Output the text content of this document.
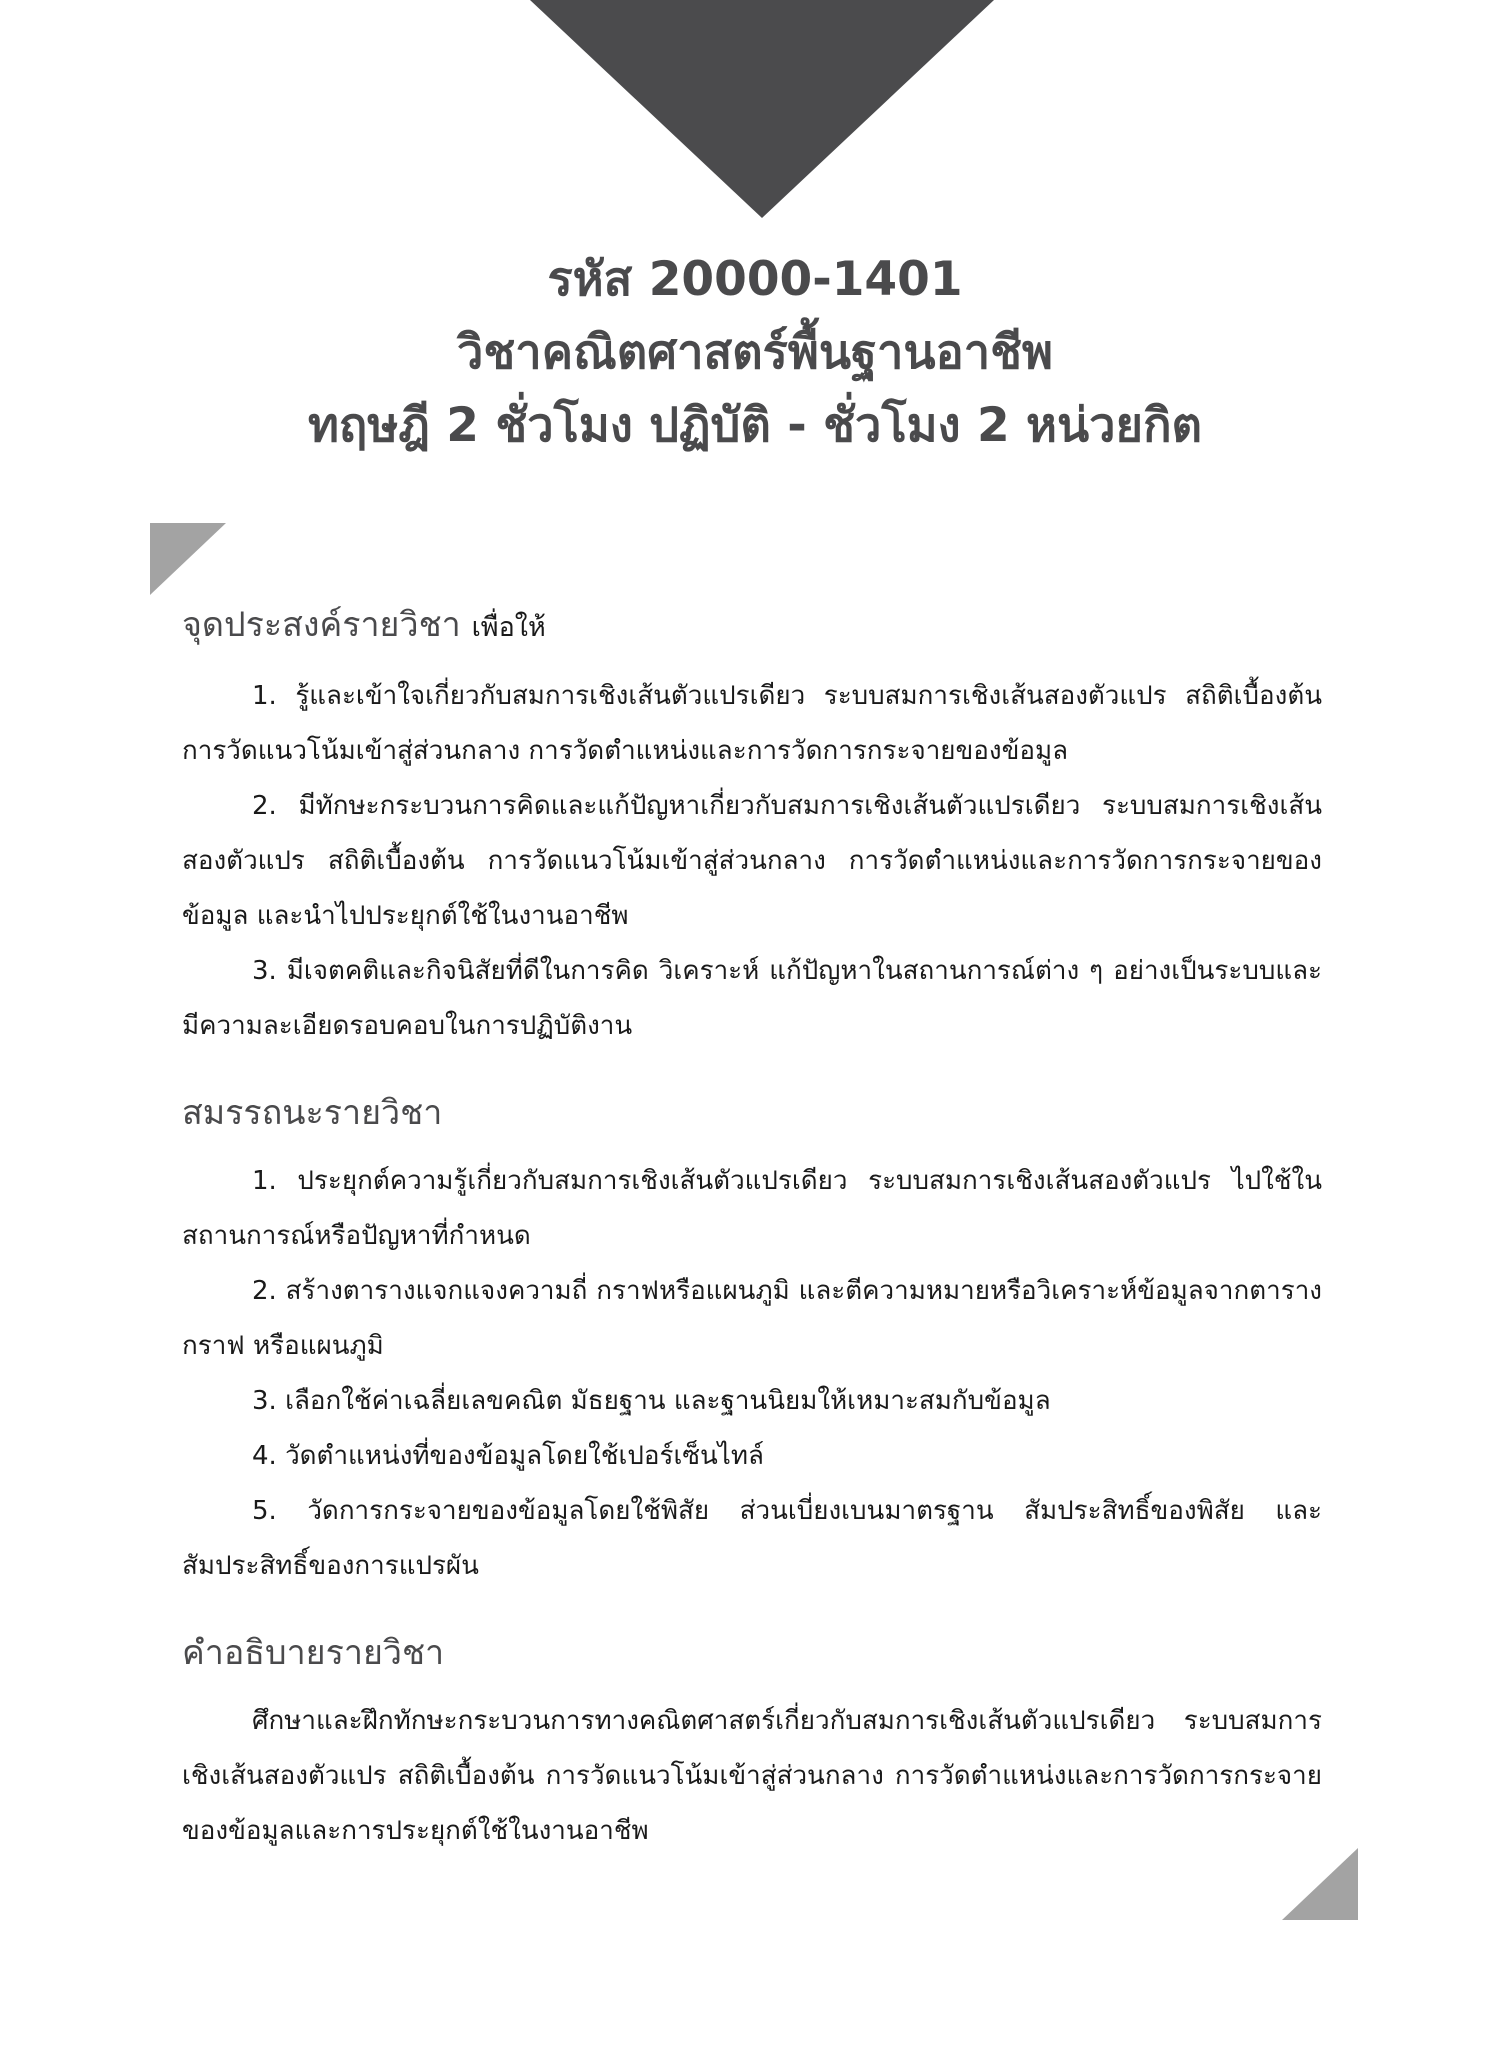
รหัส 20000-1401
วิชาคณิตศาสตร์พื้นฐานอาชีพ
ทฤษฎี 2 ชั่วโมง ปฏิบัติ - ชั่วโมง 2 หน่วยกิต
จุดประสงค์รายวิชา เพื่อให้

1. รู้และเข้าใจเกี่ยวกับสมการเชิงเส้นตัวแปรเดียว ระบบสมการเชิงเส้นสองตัวแปร สถิติเบื้องต้น การวัดแนวโน้มเข้าสู่ส่วนกลาง การวัดตำแหน่งและการวัดการกระจายของข้อมูล

2. มีทักษะกระบวนการคิดและแก้ปัญหาเกี่ยวกับสมการเชิงเส้นตัวแปรเดียว ระบบสมการเชิงเส้นสองตัวแปร สถิติเบื้องต้น การวัดแนวโน้มเข้าสู่ส่วนกลาง การวัดตำแหน่งและการวัดการกระจายของข้อมูล และนำไปประยุกต์ใช้ในงานอาชีพ

3. มีเจตคติและกิจนิสัยที่ดีในการคิด วิเคราะห์ แก้ปัญหาในสถานการณ์ต่าง ๆ อย่างเป็นระบบและมีความละเอียดรอบคอบในการปฏิบัติงาน

สมรรถนะรายวิชา

1. ประยุกต์ความรู้เกี่ยวกับสมการเชิงเส้นตัวแปรเดียว ระบบสมการเชิงเส้นสองตัวแปร ไปใช้ในสถานการณ์หรือปัญหาที่กำหนด

2. สร้างตารางแจกแจงความถี่ กราฟหรือแผนภูมิ และตีความหมายหรือวิเคราะห์ข้อมูลจากตาราง กราฟ หรือแผนภูมิ

3. เลือกใช้ค่าเฉลี่ยเลขคณิต มัธยฐาน และฐานนิยมให้เหมาะสมกับข้อมูล

4. วัดตำแหน่งที่ของข้อมูลโดยใช้เปอร์เซ็นไทล์

5. วัดการกระจายของข้อมูลโดยใช้พิสัย ส่วนเบี่ยงเบนมาตรฐาน สัมประสิทธิ์ของพิสัย และสัมประสิทธิ์ของการแปรผัน

คำอธิบายรายวิชา

ศึกษาและฝึกทักษะกระบวนการทางคณิตศาสตร์เกี่ยวกับสมการเชิงเส้นตัวแปรเดียว ระบบสมการเชิงเส้นสองตัวแปร สถิติเบื้องต้น การวัดแนวโน้มเข้าสู่ส่วนกลาง การวัดตำแหน่งและการวัดการกระจายของข้อมูลและการประยุกต์ใช้ในงานอาชีพ
